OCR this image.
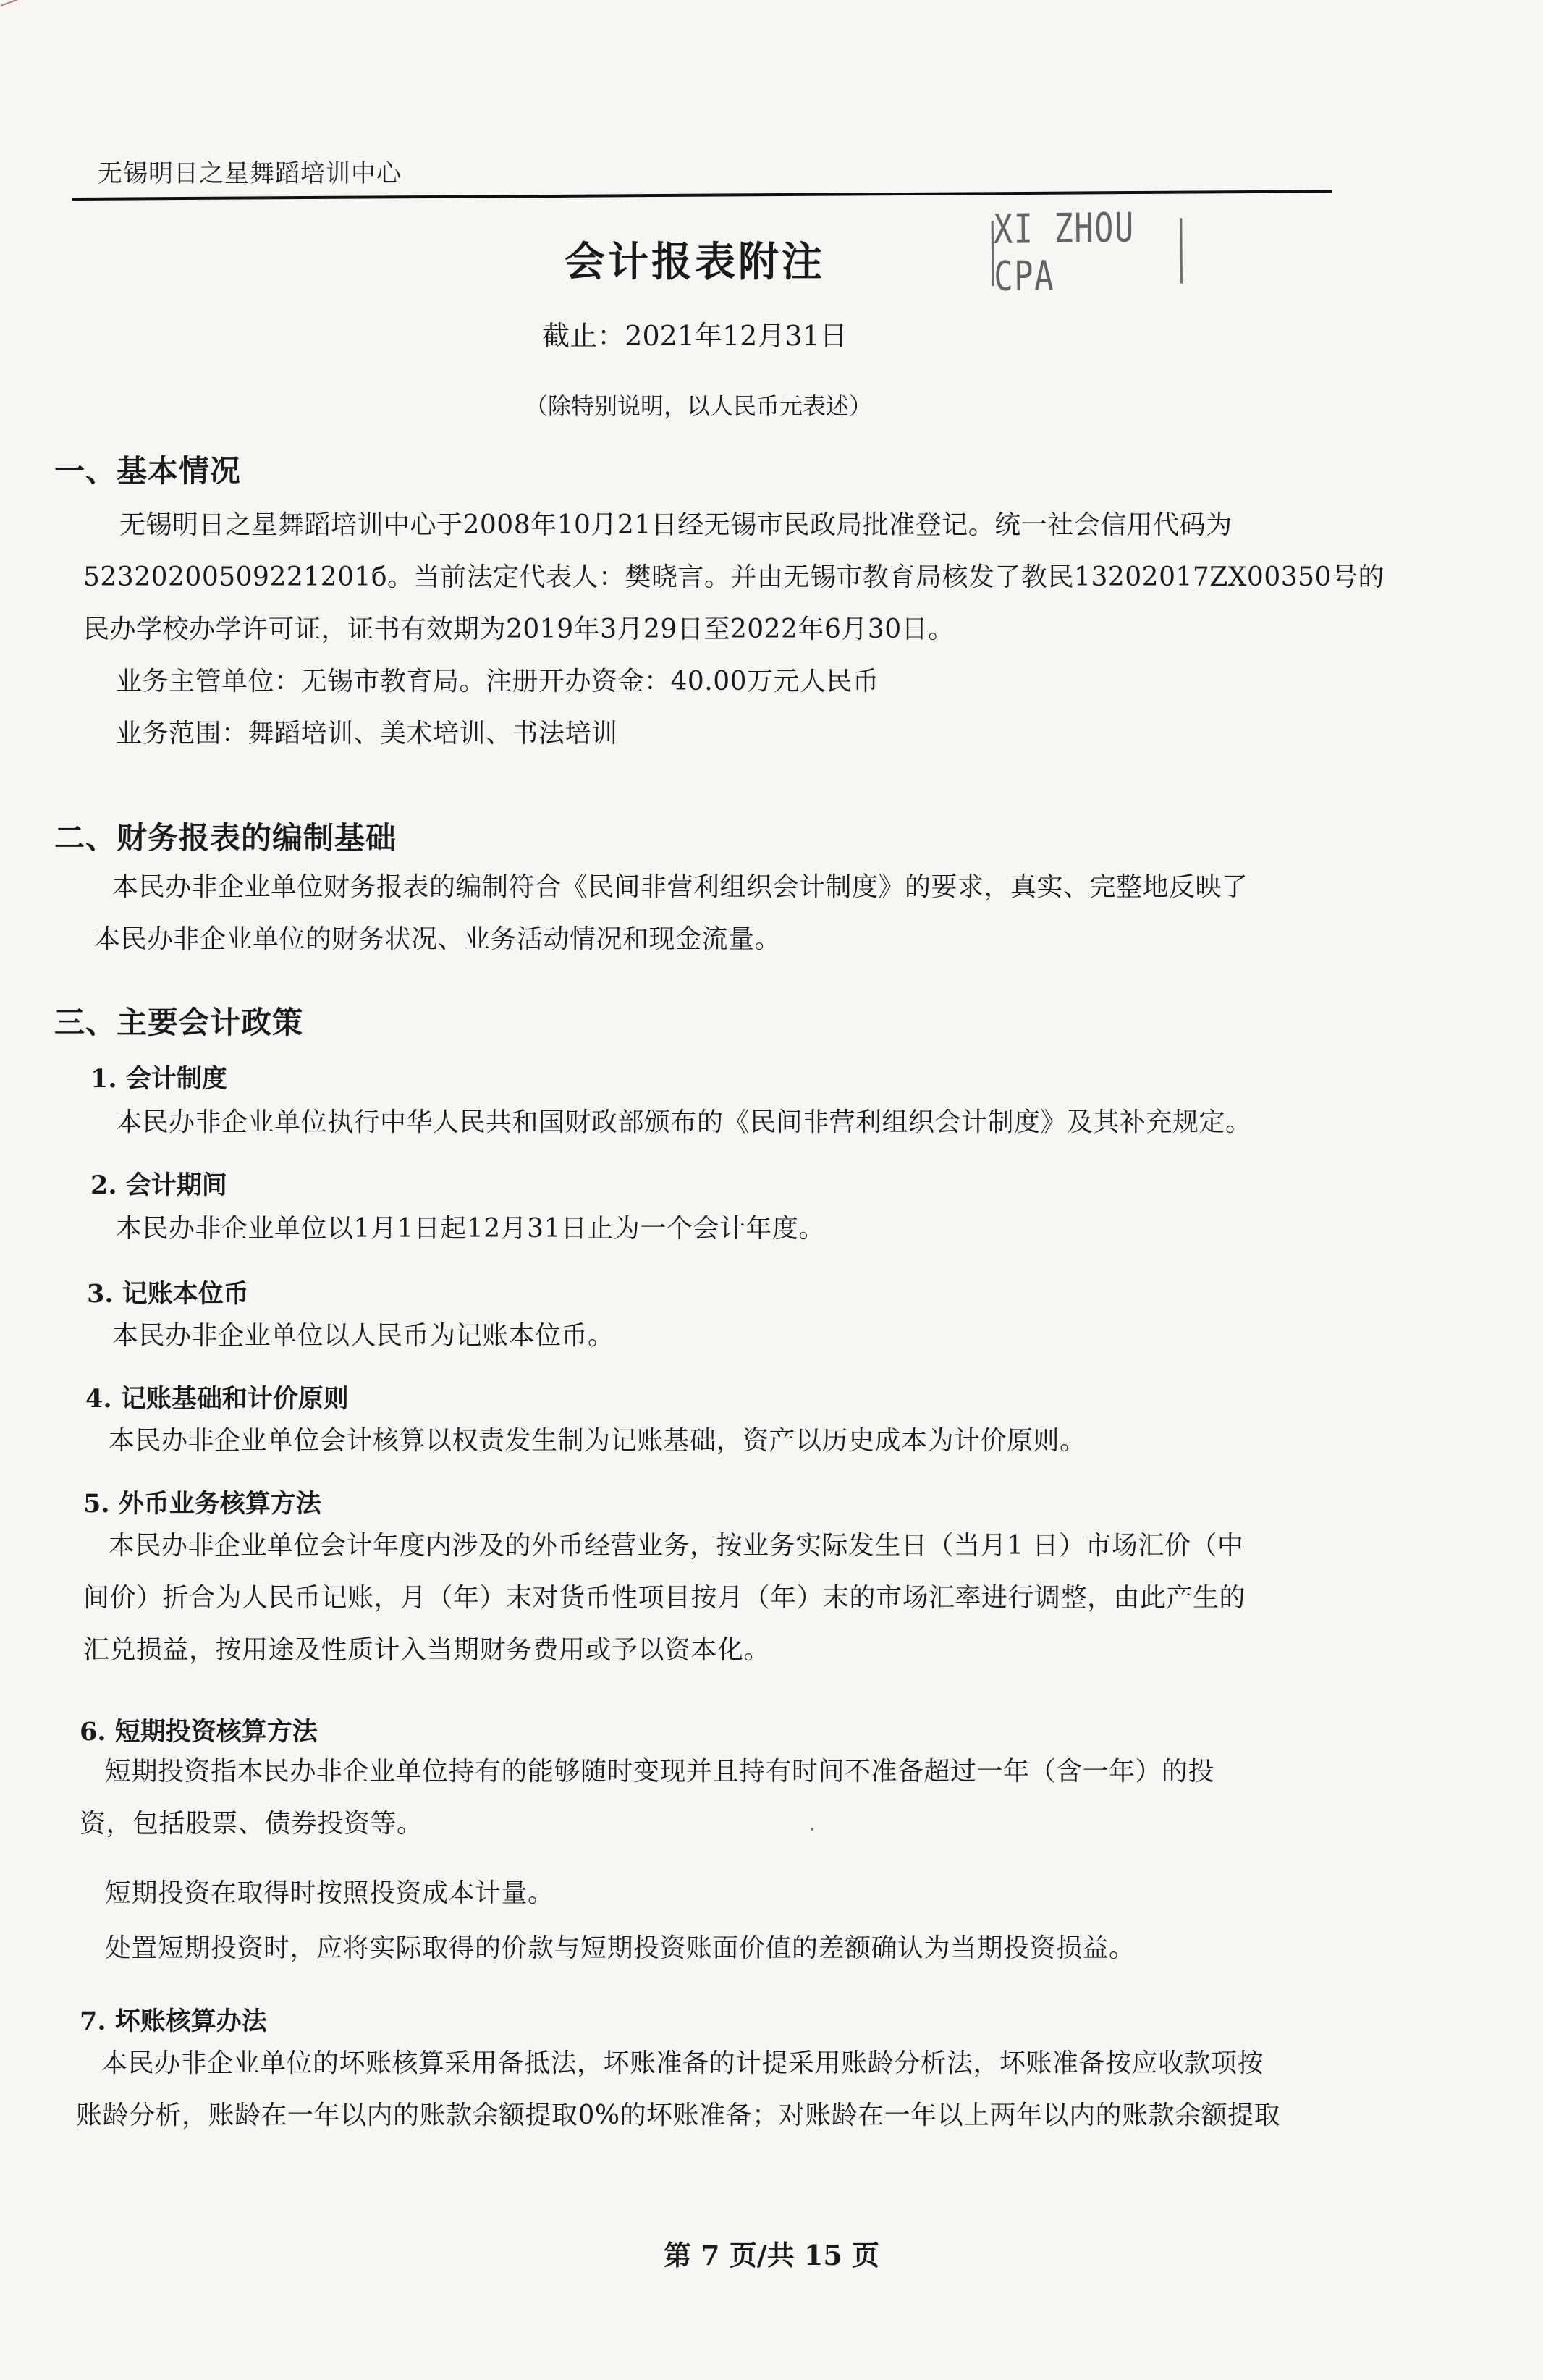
无锡明日之星舞蹈培训中心
XI ZHOU CPA
会计报表附注
截止：2021年12月31日
（除特别说明，以人民币元表述）
一、基本情况
无锡明日之星舞蹈培训中心于2008年10月21日经无锡市民政局批准登记。统一社会信用代码为
52320200509221201б。当前法定代表人：樊晓言。并由无锡市教育局核发了教民13202017ZX00350号的
民办学校办学许可证，证书有效期为2019年3月29日至2022年6月30日。
业务主管单位：无锡市教育局。注册开办资金：40.00万元人民币
业务范围：舞蹈培训、美术培训、书法培训
二、财务报表的编制基础
本民办非企业单位财务报表的编制符合《民间非营利组织会计制度》的要求，真实、完整地反映了
本民办非企业单位的财务状况、业务活动情况和现金流量。
三、主要会计政策
1. 会计制度
本民办非企业单位执行中华人民共和国财政部颁布的《民间非营利组织会计制度》及其补充规定。
2. 会计期间
本民办非企业单位以1月1日起12月31日止为一个会计年度。
3. 记账本位币
本民办非企业单位以人民币为记账本位币。
4. 记账基础和计价原则
本民办非企业单位会计核算以权责发生制为记账基础，资产以历史成本为计价原则。
5. 外币业务核算方法
本民办非企业单位会计年度内涉及的外币经营业务，按业务实际发生日（当月1 日）市场汇价（中
间价）折合为人民币记账，月（年）末对货币性项目按月（年）末的市场汇率进行调整，由此产生的
汇兑损益，按用途及性质计入当期财务费用或予以资本化。
6. 短期投资核算方法
短期投资指本民办非企业单位持有的能够随时变现并且持有时间不准备超过一年（含一年）的投
资，包括股票、债券投资等。
短期投资在取得时按照投资成本计量。
处置短期投资时，应将实际取得的价款与短期投资账面价值的差额确认为当期投资损益。
7. 坏账核算办法
本民办非企业单位的坏账核算采用备抵法，坏账准备的计提采用账龄分析法，坏账准备按应收款项按
账龄分析，账龄在一年以内的账款余额提取0%的坏账准备；对账龄在一年以上两年以内的账款余额提取
第 7 页/共 15 页
